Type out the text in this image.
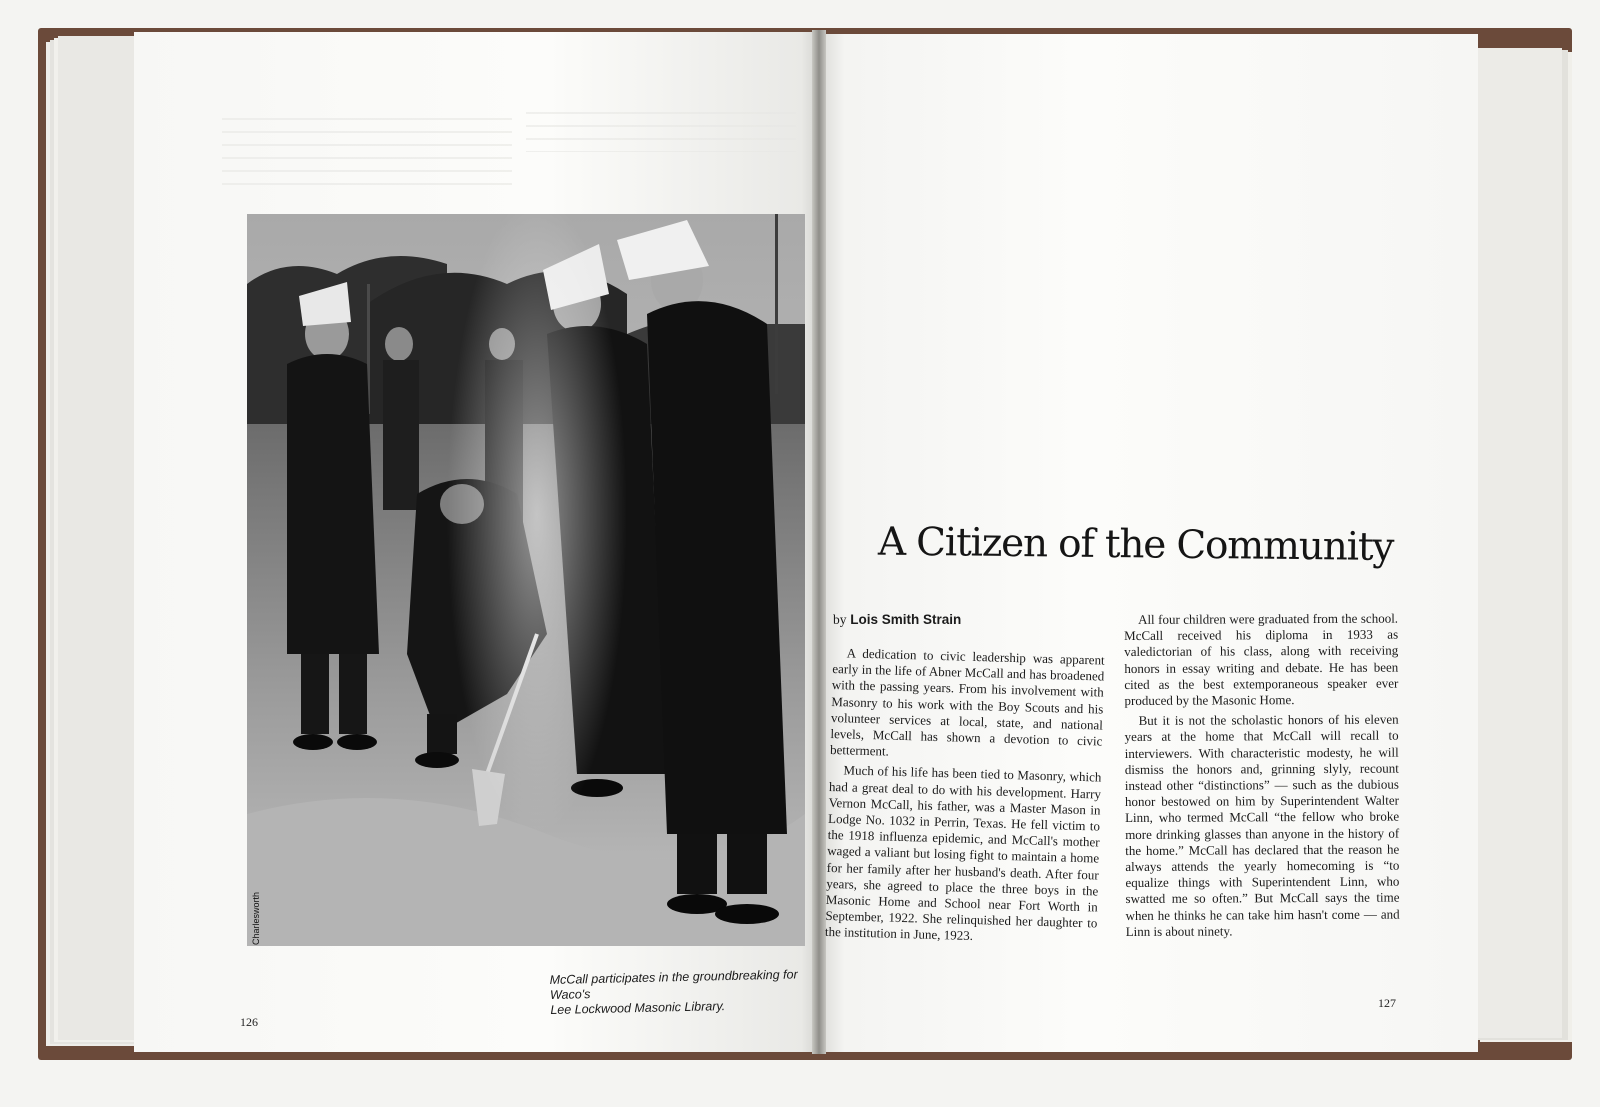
Charlesworth
McCall participates in the groundbreaking for Waco's
Lee Lockwood Masonic Library.
126
127
A Citizen of the Community
by Lois Smith Strain

A dedication to civic leadership was apparent early in the life of Abner McCall and has broadened with the passing years. From his involvement with Masonry to his work with the Boy Scouts and his volunteer services at local, state, and national levels, McCall has shown a devotion to civic betterment.

Much of his life has been tied to Masonry, which had a great deal to do with his development. Harry Vernon McCall, his father, was a Master Mason in Lodge No. 1032 in Perrin, Texas. He fell victim to the 1918 influenza epidemic, and McCall's mother waged a valiant but losing fight to maintain a home for her family after her husband's death. After four years, she agreed to place the three boys in the Masonic Home and School near Fort Worth in September, 1922. She relinquished her daughter to the institution in June, 1923.

All four children were graduated from the school. McCall received his diploma in 1933 as valedictorian of his class, along with receiving honors in essay writing and debate. He has been cited as the best extemporaneous speaker ever produced by the Masonic Home.

But it is not the scholastic honors of his eleven years at the home that McCall will recall to interviewers. With characteristic modesty, he will dismiss the honors and, grinning slyly, recount instead other “distinctions” — such as the dubious honor bestowed on him by Superintendent Walter Linn, who termed McCall “the fellow who broke more drinking glasses than anyone in the history of the home.” McCall has declared that the reason he always attends the yearly homecoming is “to equalize things with Superintendent Linn, who swatted me so often.” But McCall says the time when he thinks he can take him hasn't come — and Linn is about ninety.
